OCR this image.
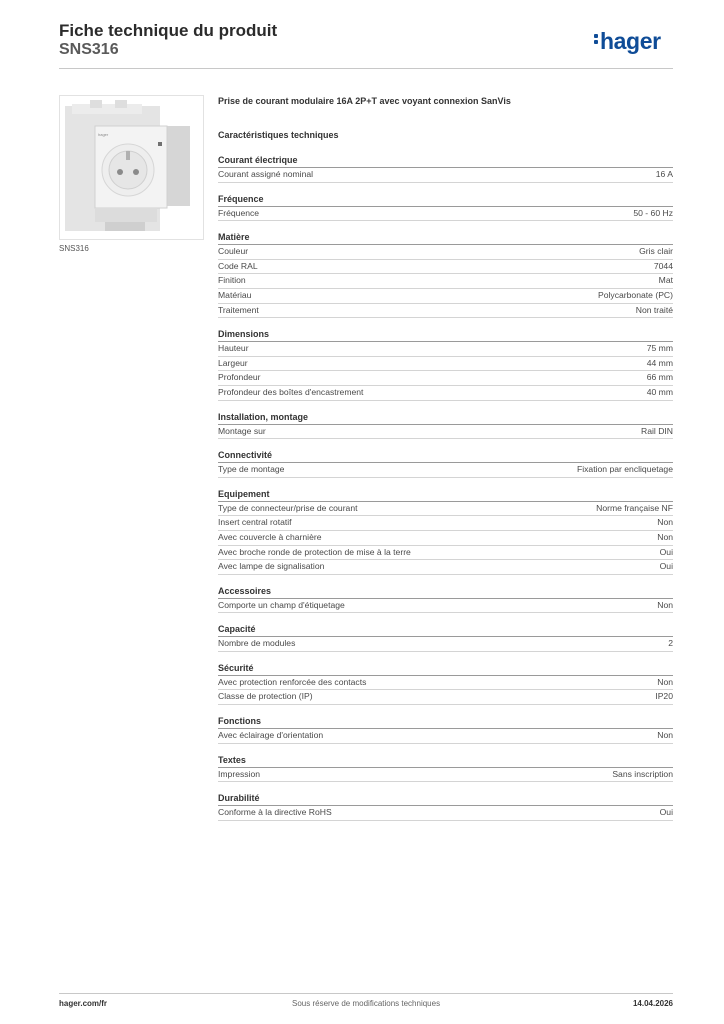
Fiche technique du produit
SNS316	hager
hager
SNS316
Prise de courant modulaire 16A 2P+T avec voyant connexion SanVis
Caractéristiques techniques
Courant électrique
Courant assigné nominal	16 A
Fréquence
Fréquence	50 - 60 Hz
Matière
Couleur	Gris clair
Code RAL	7044
Finition	Mat
Matériau	Polycarbonate (PC)
Traitement	Non traité
Dimensions
Hauteur	75 mm
Largeur	44 mm
Profondeur	66 mm
Profondeur des boîtes d'encastrement	40 mm
Installation, montage
Montage sur	Rail DIN
Connectivité
Type de montage	Fixation par encliquetage
Equipement
Type de connecteur/prise de courant	Norme française NF
Insert central rotatif	Non
Avec couvercle à charnière	Non
Avec broche ronde de protection de mise à la terre	Oui
Avec lampe de signalisation	Oui
Accessoires
Comporte un champ d'étiquetage	Non
Capacité
Nombre de modules	2
Sécurité
Avec protection renforcée des contacts	Non
Classe de protection (IP)	IP20
Fonctions
Avec éclairage d'orientation	Non
Textes
Impression	Sans inscription
Durabilité
Conforme à la directive RoHS	Oui
hager.com/fr	Sous réserve de modifications techniques	14.04.2026
